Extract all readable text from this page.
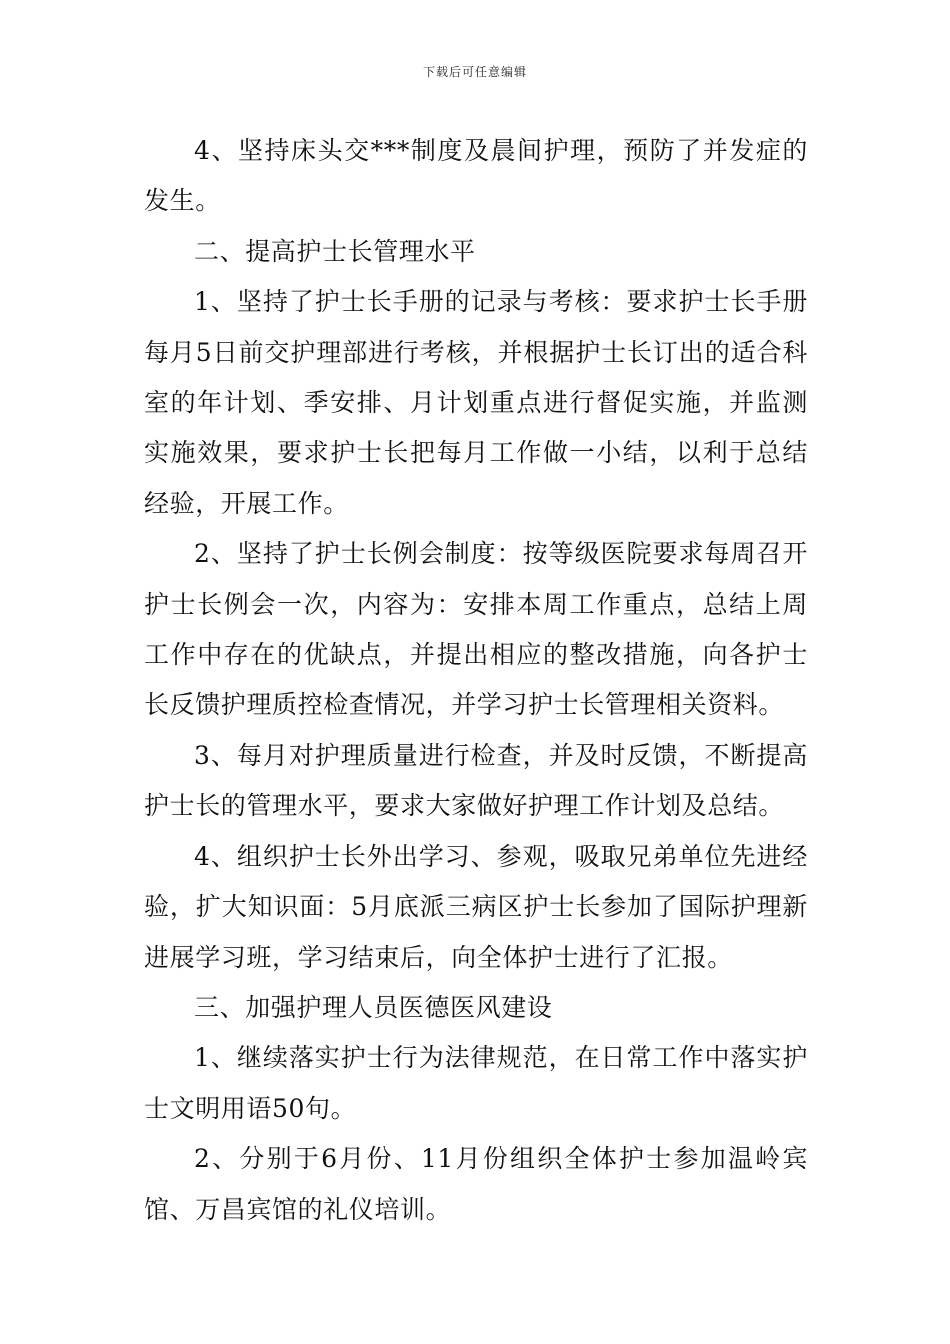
下载后可任意编辑

4、坚持床头交***制度及晨间护理，预防了并发症的发生。

二、提高护士长管理水平

1、坚持了护士长手册的记录与考核：要求护士长手册每月5日前交护理部进行考核，并根据护士长订出的适合科室的年计划、季安排、月计划重点进行督促实施，并监测实施效果，要求护士长把每月工作做一小结，以利于总结经验，开展工作。

2、坚持了护士长例会制度：按等级医院要求每周召开护士长例会一次，内容为：安排本周工作重点，总结上周工作中存在的优缺点，并提出相应的整改措施，向各护士长反馈护理质控检查情况，并学习护士长管理相关资料。

3、每月对护理质量进行检查，并及时反馈，不断提高护士长的管理水平，要求大家做好护理工作计划及总结。

4、组织护士长外出学习、参观，吸取兄弟单位先进经验，扩大知识面：5月底派三病区护士长参加了国际护理新进展学习班，学习结束后，向全体护士进行了汇报。

三、加强护理人员医德医风建设

1、继续落实护士行为法律规范，在日常工作中落实护士文明用语50句。

2、分别于6月份、11月份组织全体护士参加温岭宾馆、万昌宾馆的礼仪培训。
